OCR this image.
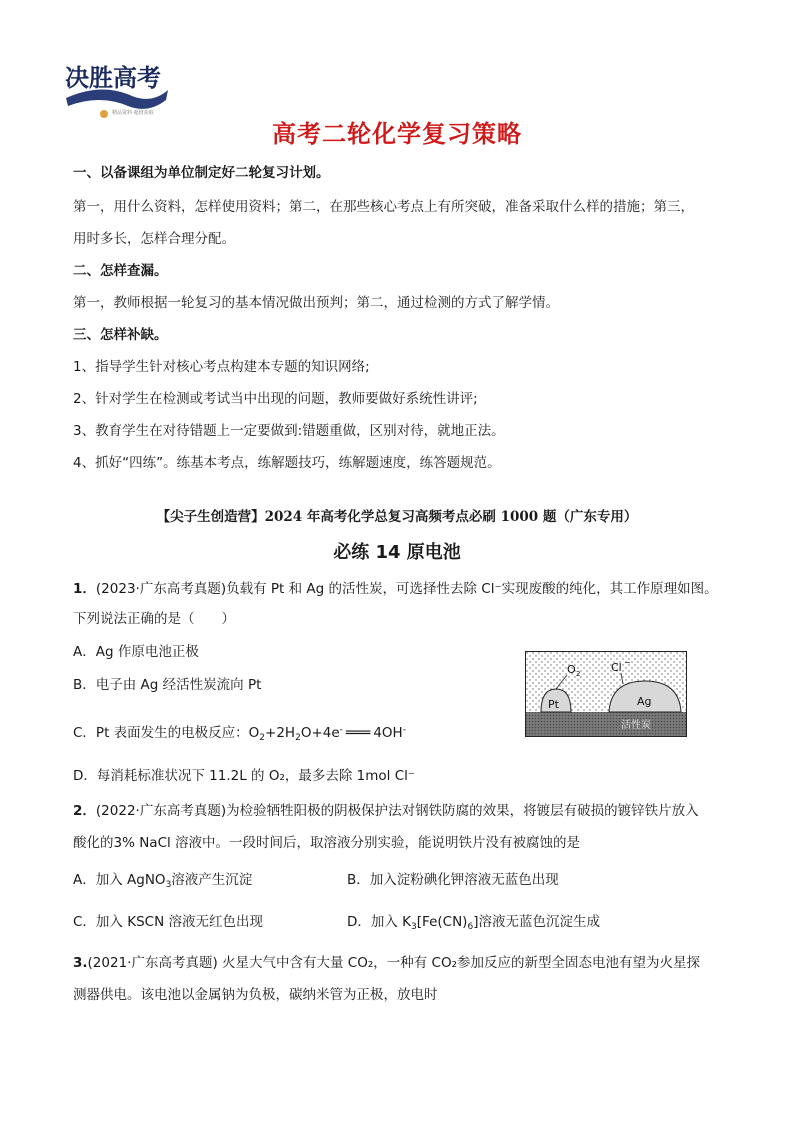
决胜高考
精品资料·超值获取
高考二轮化学复习策略
一、以备课组为单位制定好二轮复习计划。
第一，用什么资料，怎样使用资料；第二，在那些核心考点上有所突破，准备采取什么样的措施；第三，
用时多长，怎样合理分配。
二、怎样查漏。
第一，教师根据一轮复习的基本情况做出预判；第二，通过检测的方式了解学情。
三、怎样补缺。
1、指导学生针对核心考点构建本专题的知识网络;
2、针对学生在检测或考试当中出现的问题，教师要做好系统性讲评;
3、教育学生在对待错题上一定要做到:错题重做，区别对待，就地正法。
4、抓好“四练”。练基本考点，练解题技巧，练解题速度，练答题规范。
【尖子生创造营】2024 年高考化学总复习高频考点必刷 1000 题（广东专用）
必练 14 原电池
1．(2023·广东高考真题)负载有 Pt 和 Ag 的活性炭，可选择性去除 Cl⁻实现废酸的纯化，其工作原理如图。
下列说法正确的是（　　）
A．Ag 作原电池正极
B．电子由 Ag 经活性炭流向 Pt
C．Pt 表面发生的电极反应：$O_2+2H_2O+4e^-$ ═══ 4OH-
D．每消耗标准状况下 11.2L 的 O₂，最多去除 1mol Cl⁻
O 2	Cl −
Pt	Ag
活性炭
2．(2022·广东高考真题)为检验牺牲阳极的阴极保护法对钢铁防腐的效果，将镀层有破损的镀锌铁片放入
酸化的3% NaCl 溶液中。一段时间后，取溶液分别实验，能说明铁片没有被腐蚀的是
A．加入 AgNO$_3$溶液产生沉淀	B．加入淀粉碘化钾溶液无蓝色出现
C．加入 KSCN 溶液无红色出现	D．加入 $K_3[Fe(CN)_6]$溶液无蓝色沉淀生成
3.(2021·广东高考真题) 火星大气中含有大量 CO₂，一种有 CO₂参加反应的新型全固态电池有望为火星探
测器供电。该电池以金属钠为负极，碳纳米管为正极，放电时
